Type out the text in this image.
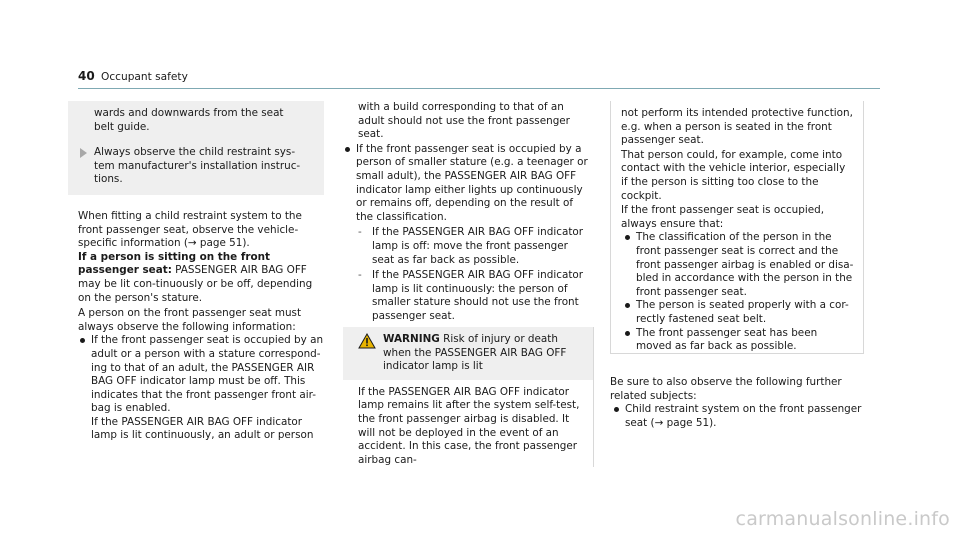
40 Occupant safety

wards and downwards from the seat

belt guide.

Always observe the child restraint sys-tem manufacturer's installation instruc-tions.

When fitting a child restraint system to the front passenger seat, observe the vehicle-specific information (→ page 51).

If a person is sitting on the front passenger seat: PASSENGER AIR BAG OFF may be lit con-tinuously or be off, depending on the person's stature.

A person on the front passenger seat must always observe the following information:

If the front passenger seat is occupied by an adult or a person with a stature correspond-ing to that of an adult, the PASSENGER AIR BAG OFF indicator lamp must be off. This indicates that the front passenger front air-bag is enabled.

If the PASSENGER AIR BAG OFF indicator lamp is lit continuously, an adult or person

with a build corresponding to that of an adult should not use the front passenger seat.

If the front passenger seat is occupied by a person of smaller stature (e.g. a teenager or small adult), the PASSENGER AIR BAG OFF indicator lamp either lights up continuously or remains off, depending on the result of the classification.

- If the PASSENGER AIR BAG OFF indicator lamp is off: move the front passenger seat as far back as possible.

- If the PASSENGER AIR BAG OFF indicator lamp is lit continuously: the person of smaller stature should not use the front passenger seat.

WARNING Risk of injury or death when the PASSENGER AIR BAG OFF indicator lamp is lit

If the PASSENGER AIR BAG OFF indicator lamp remains lit after the system self-test, the front passenger airbag is disabled. It will not be deployed in the event of an accident. In this case, the front passenger airbag can-

not perform its intended protective function, e.g. when a person is seated in the front passenger seat.

That person could, for example, come into contact with the vehicle interior, especially if the person is sitting too close to the cockpit.

If the front passenger seat is occupied, always ensure that:

The classification of the person in the front passenger seat is correct and the front passenger airbag is enabled or disa-bled in accordance with the person in the front passenger seat.

The person is seated properly with a cor-rectly fastened seat belt.

The front passenger seat has been moved as far back as possible.

Be sure to also observe the following further related subjects:

Child restraint system on the front passenger seat (→ page 51).

carmanualsonline.info
